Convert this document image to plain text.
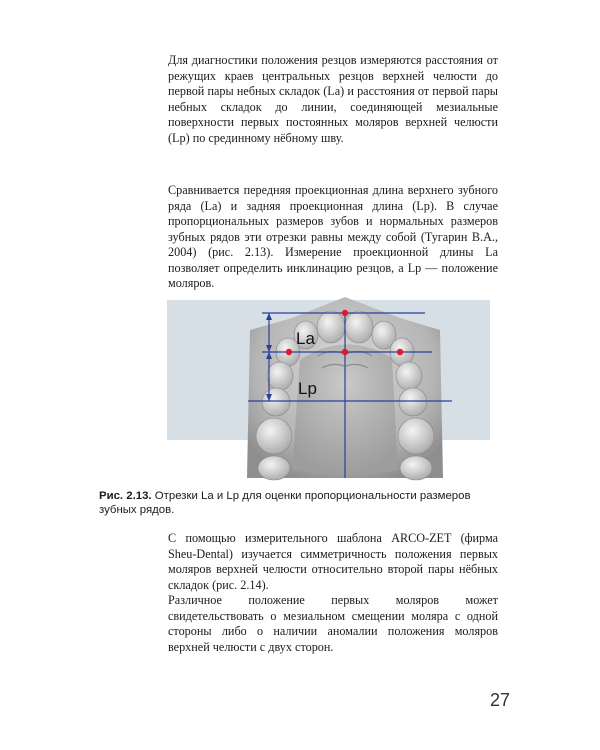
Для диагностики положения резцов измеряются расстояния от режущих краев центральных резцов верхней челюсти до первой пары небных складок (La) и расстояния от первой пары небных складок до линии, соединяющей мезиальные поверхности первых постоянных моляров верхней челюсти (Lp) по срединному нёбному шву.

Сравнивается передняя проекционная длина верхнего зубного ряда (La) и задняя проекционная длина (Lp). В случае пропорциональных размеров зубов и нормальных размеров зубных рядов эти отрезки равны между собой (Тугарин В.А., 2004) (рис. 2.13). Измерение проекционной длины La позволяет определить инклинацию резцов, а Lp — положение моляров.

La
Lp

Рис. 2.13. Отрезки La и Lp для оценки пропорциональности размеров зубных рядов.

С помощью измерительного шаблона ARCO-ZET (фирма Sheu-Dental) изучается симметричность положения первых моляров верхней челюсти относительно второй пары нёбных складок (рис. 2.14).

Различное положение первых моляров может свидетельствовать о мезиальном смещении моляра с одной стороны либо о наличии аномалии положения моляров верхней челюсти с двух сторон.

27
